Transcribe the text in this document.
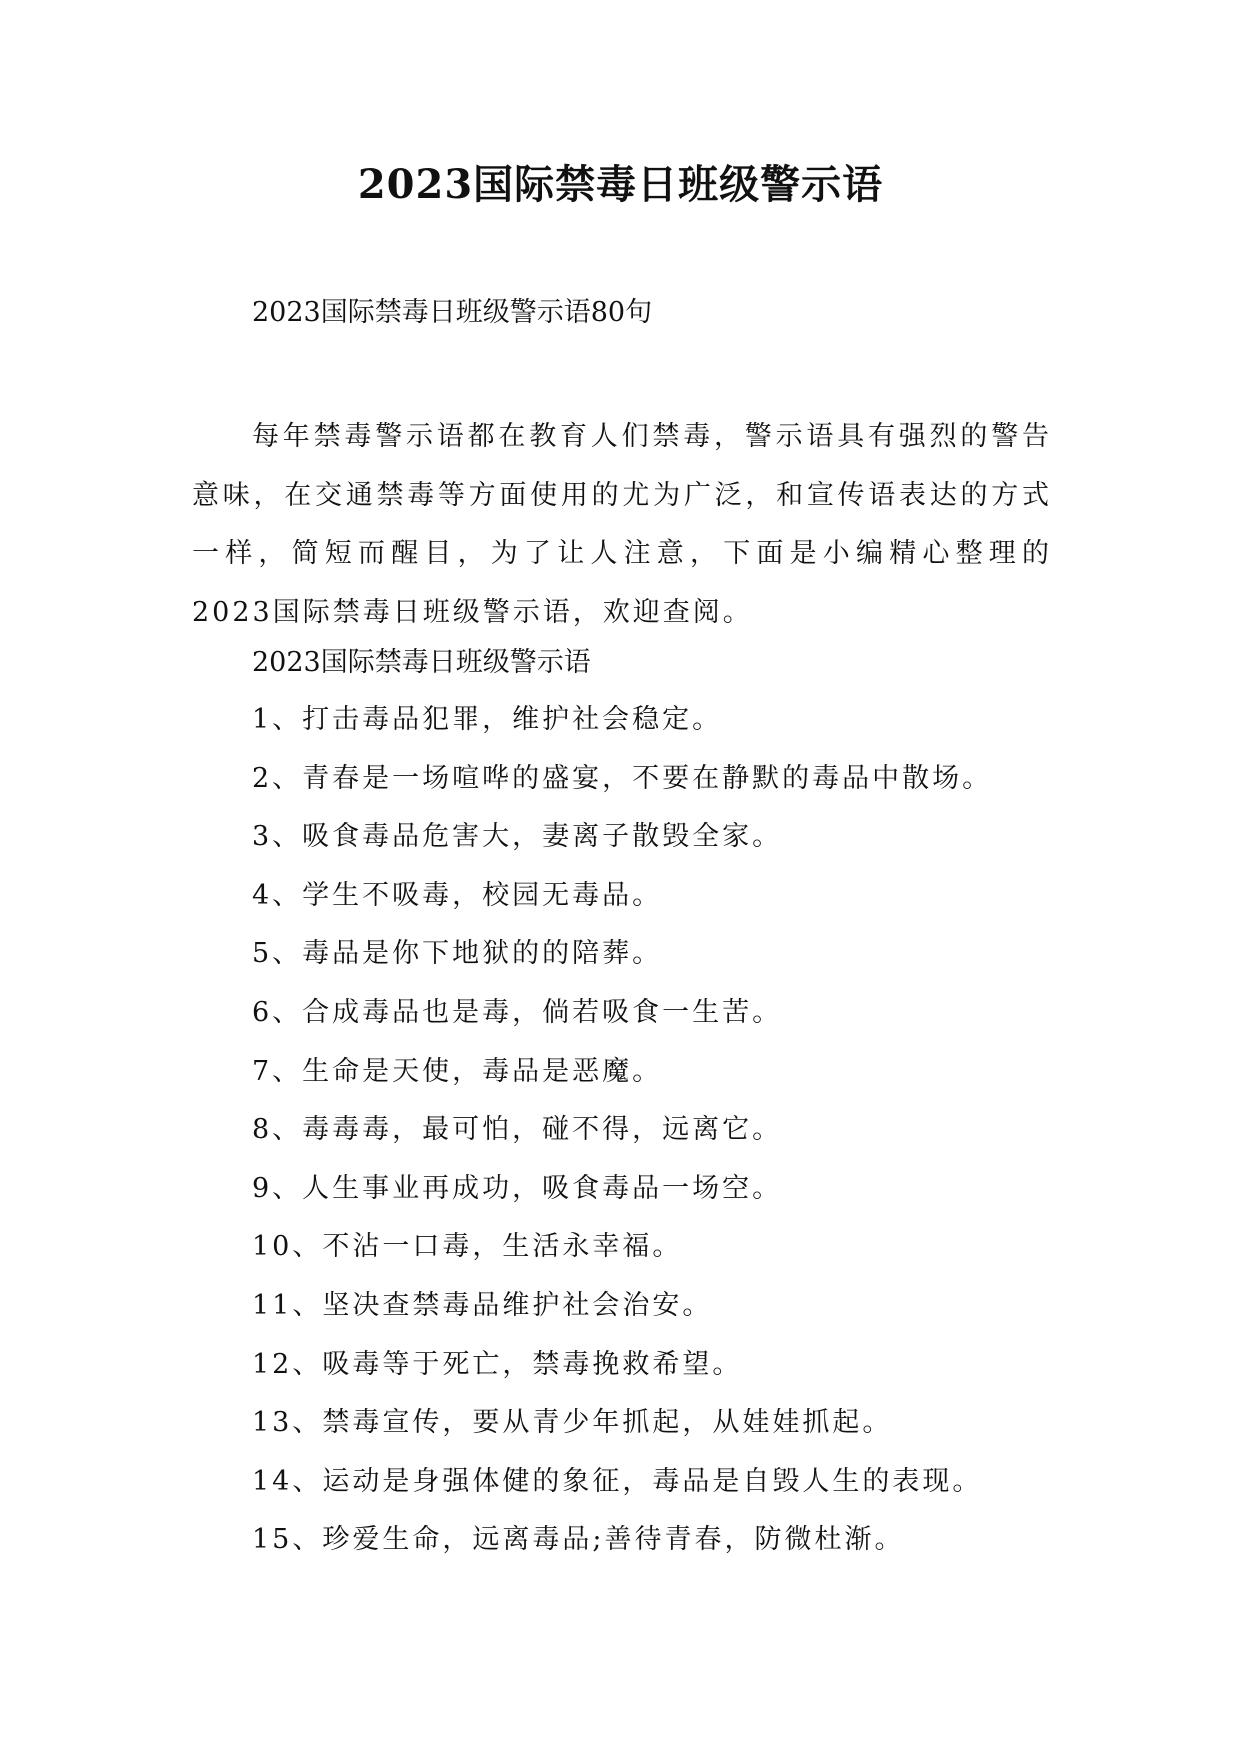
2023国际禁毒日班级警示语
2023国际禁毒日班级警示语80句

每年禁毒警示语都在教育人们禁毒，警示语具有强烈的警告意味，在交通禁毒等方面使用的尤为广泛，和宣传语表达的方式一样，简短而醒目，为了让人注意，下面是小编精心整理的2023国际禁毒日班级警示语，欢迎查阅。

2023国际禁毒日班级警示语
1、打击毒品犯罪，维护社会稳定。
2、青春是一场喧哗的盛宴，不要在静默的毒品中散场。
3、吸食毒品危害大，妻离子散毁全家。
4、学生不吸毒，校园无毒品。
5、毒品是你下地狱的的陪葬。
6、合成毒品也是毒，倘若吸食一生苦。
7、生命是天使，毒品是恶魔。
8、毒毒毒，最可怕，碰不得，远离它。
9、人生事业再成功，吸食毒品一场空。
10、不沾一口毒，生活永幸福。
11、坚决查禁毒品维护社会治安。
12、吸毒等于死亡，禁毒挽救希望。
13、禁毒宣传，要从青少年抓起，从娃娃抓起。
14、运动是身强体健的象征，毒品是自毁人生的表现。
15、珍爱生命，远离毒品;善待青春，防微杜渐。
